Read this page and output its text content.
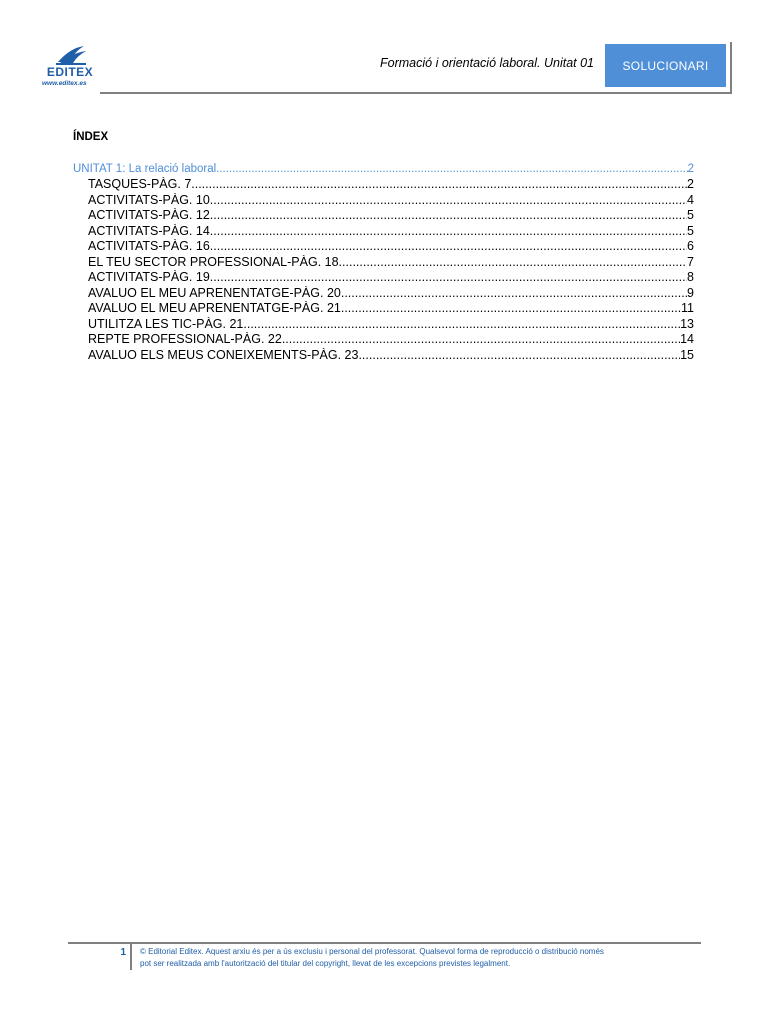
EDITEX
www.editex.es
Formació i orientació laboral. Unitat 01	SOLUCIONARI
ÍNDEX
UNITAT 1: La relació laboral .....	2
TASQUES-PÀG. 7 .....	2
ACTIVITATS-PÀG. 10 .....	4
ACTIVITATS-PÀG. 12 .....	5
ACTIVITATS-PÀG. 14 .....	5
ACTIVITATS-PÀG. 16 .....	6
EL TEU SECTOR PROFESSIONAL-PÀG. 18 .....	7
ACTIVITATS-PÀG. 19 .....	8
AVALUO EL MEU APRENENTATGE-PÀG. 20 .....	9
AVALUO EL MEU APRENENTATGE-PÀG. 21 .....	11
UTILITZA LES TIC-PÀG. 21 .....	13
REPTE PROFESSIONAL-PÀG. 22 .....	14
AVALUO ELS MEUS CONEIXEMENTS-PÀG. 23 .....	15
1 © Editorial Editex. Aquest arxiu és per a ús exclusiu i personal del professorat. Qualsevol forma de reproducció o distribució només
pot ser realitzada amb l'autorització del titular del copyright, llevat de les excepcions previstes legalment.
